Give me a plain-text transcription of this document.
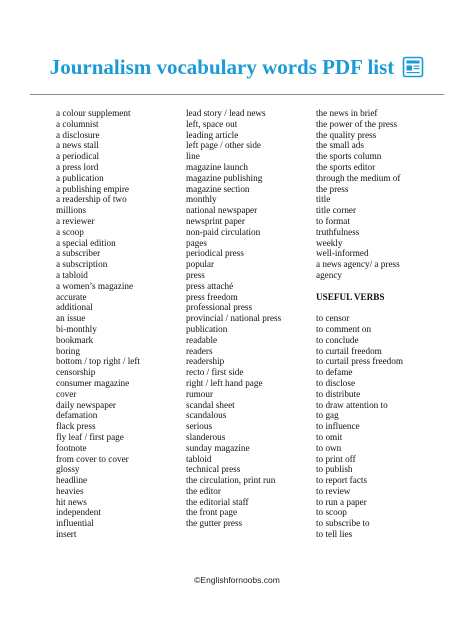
Journalism vocabulary words PDF list
a colour supplement
a columnist
a disclosure
a news stall
a periodical
a press lord
a publication
a publishing empire
a readership of two
millions
a reviewer
a scoop
a special edition
a subscriber
a subscription
a tabloid
a women’s magazine
accurate
additional
an issue
bi-monthly
bookmark
boring
bottom / top right / left
censorship
consumer magazine
cover
daily newspaper
defamation
flack press
fly leaf / first page
footnote
from cover to cover
glossy
headline
heavies
hit news
independent
influential
insert
lead story / lead news
left, space out
leading article
left page / other side
line
magazine launch
magazine publishing
magazine section
monthly
national newspaper
newsprint paper
non-paid circulation
pages
periodical press
popular
press
press attaché
press freedom
professional press
provincial / national press
publication
readable
readers
readership
recto / first side
right / left hand page
rumour
scandal sheet
scandalous
serious
slanderous
sunday magazine
tabloid
technical press
the circulation, print run
the editor
the editorial staff
the front page
the gutter press
the news in brief
the power of the press
the quality press
the small ads
the sports column
the sports editor
through the medium of
the press
title
title corner
to format
truthfulness
weekly
well-informed
a news agency/ a press
agency
USEFUL VERBS
to censor
to comment on
to conclude
to curtail freedom
to curtail press freedom
to defame
to disclose
to distribute
to draw attention to
to gag
to influence
to omit
to own
to print off
to publish
to report facts
to review
to run a paper
to scoop
to subscribe to
to tell lies
©Englishfornoobs.com
